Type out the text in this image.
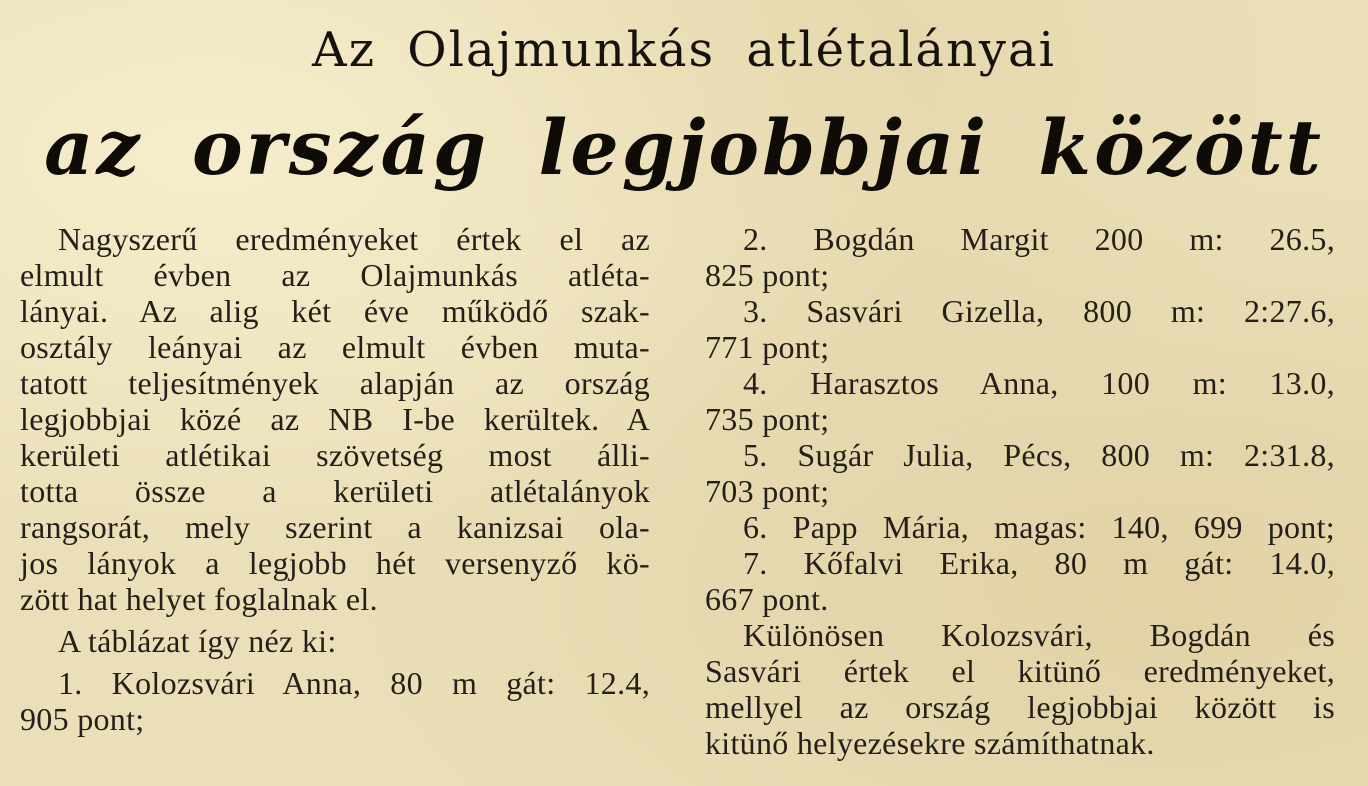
Az Olajmunkás atlétalányai
az ország legjobbjai között
Nagyszerű eredményeket értek el az
elmult évben az Olajmunkás atléta-
lányai. Az alig két éve működő szak-
osztály leányai az elmult évben muta-
tatott teljesítmények alapján az ország
legjobbjai közé az NB I-be kerültek. A
kerületi atlétikai szövetség most álli-
totta össze a kerületi atlétalányok
rangsorát, mely szerint a kanizsai ola-
jos lányok a legjobb hét versenyző kö-
zött hat helyet foglalnak el.
A táblázat így néz ki:
1. Kolozsvári Anna, 80 m gát: 12.4,
905 pont;
2. Bogdán Margit 200 m: 26.5,
825 pont;
3. Sasvári Gizella, 800 m: 2:27.6,
771 pont;
4. Harasztos Anna, 100 m: 13.0,
735 pont;
5. Sugár Julia, Pécs, 800 m: 2:31.8,
703 pont;
6. Papp Mária, magas: 140, 699 pont;
7. Kőfalvi Erika, 80 m gát: 14.0,
667 pont.
Különösen Kolozsvári, Bogdán és
Sasvári értek el kitünő eredményeket,
mellyel az ország legjobbjai között is
kitünő helyezésekre számíthatnak.
